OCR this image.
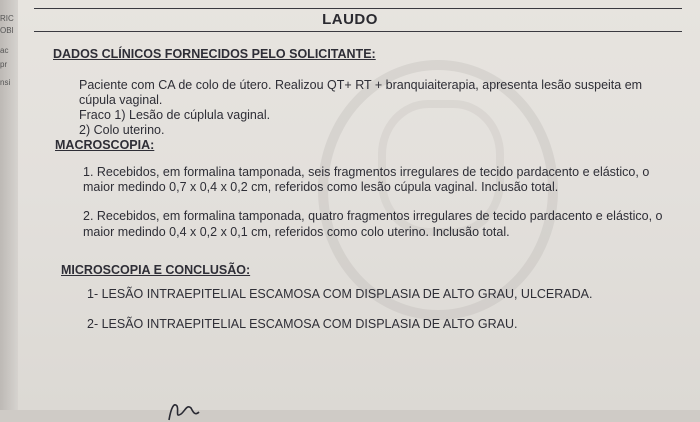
RIC
OBI
ac
pr
nsi
LAUDO
DADOS CLÍNICOS FORNECIDOS PELO SOLICITANTE:
Paciente com CA de colo de útero. Realizou QT+ RT + branquiaiterapia, apresenta lesão suspeita em
cúpula vaginal.
Fraco 1) Lesão de cúplula vaginal.
2) Colo uterino.
MACROSCOPIA:
1. Recebidos, em formalina tamponada, seis fragmentos irregulares de tecido pardacento e elástico, o
maior medindo 0,7 x 0,4 x 0,2 cm, referidos como lesão cúpula vaginal. Inclusão total.
2. Recebidos, em formalina tamponada, quatro fragmentos irregulares de tecido pardacento e elástico, o
maior medindo 0,4 x 0,2 x 0,1 cm, referidos como colo uterino. Inclusão total.
MICROSCOPIA E CONCLUSÃO:
1- LESÃO INTRAEPITELIAL ESCAMOSA COM DISPLASIA DE ALTO GRAU, ULCERADA.
2- LESÃO INTRAEPITELIAL ESCAMOSA COM DISPLASIA DE ALTO GRAU.
